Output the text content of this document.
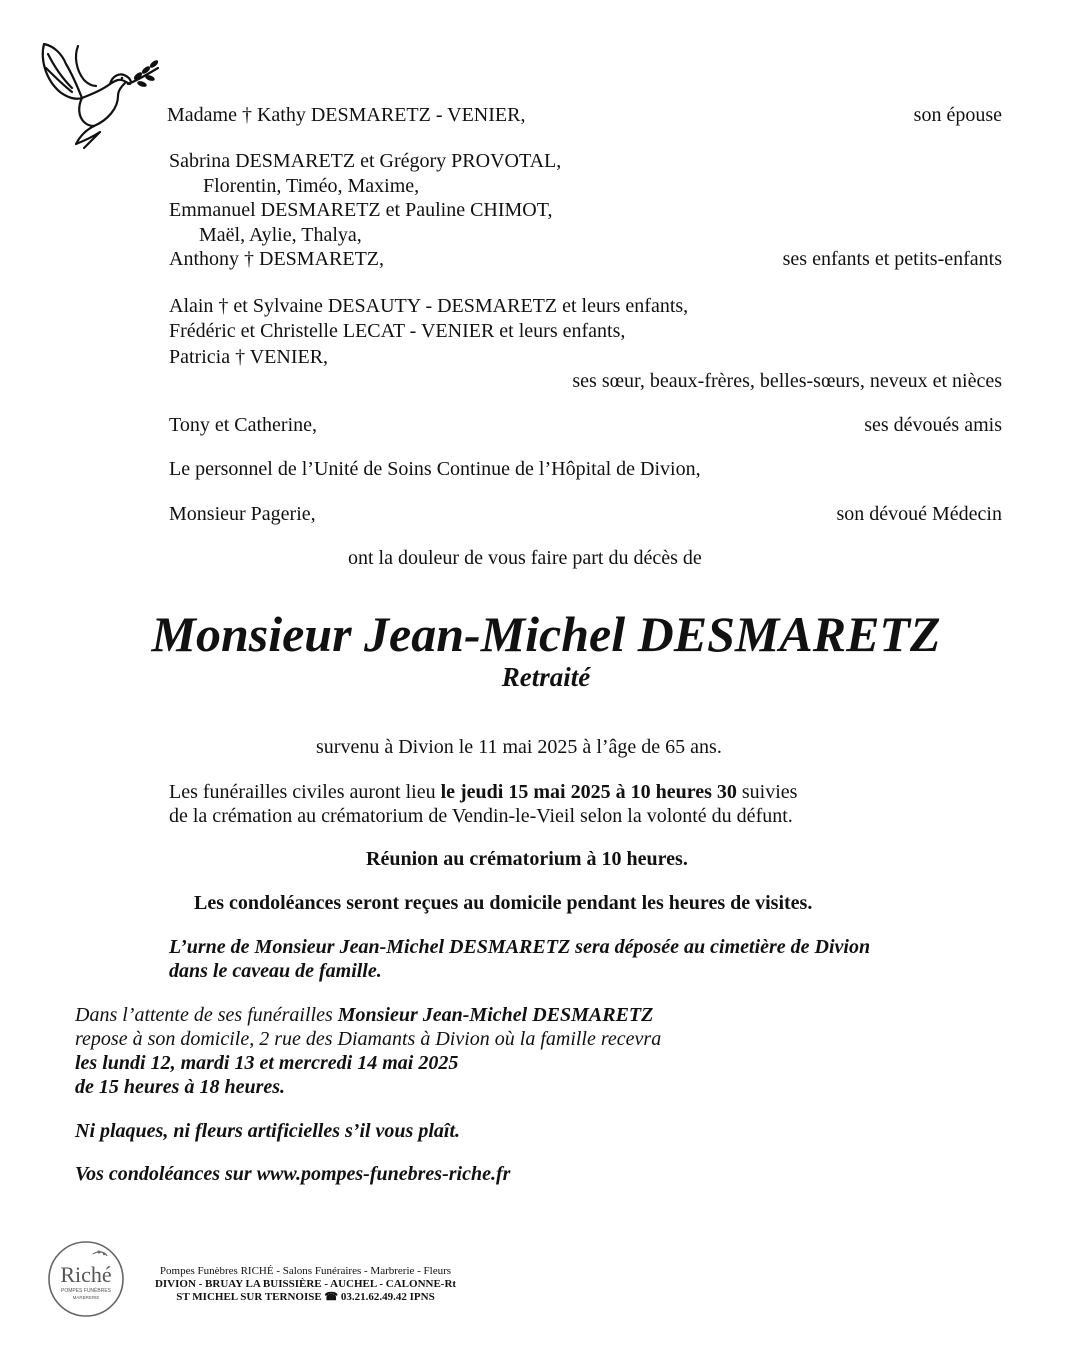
Madame † Kathy DESMARETZ - VENIER,	son épouse
Sabrina DESMARETZ et Grégory PROVOTAL,
Florentin, Timéo, Maxime,
Emmanuel DESMARETZ et Pauline CHIMOT,
Maël, Aylie, Thalya,
Anthony † DESMARETZ,	ses enfants et petits-enfants
Alain † et Sylvaine DESAUTY - DESMARETZ et leurs enfants,
Frédéric et Christelle LECAT - VENIER et leurs enfants,
Patricia † VENIER,
ses sœur, beaux-frères, belles-sœurs, neveux et nièces
Tony et Catherine,	ses dévoués amis
Le personnel de l’Unité de Soins Continue de l’Hôpital de Divion,
Monsieur Pagerie,	son dévoué Médecin
ont la douleur de vous faire part du décès de
Monsieur Jean-Michel DESMARETZ
Retraité
survenu à Divion le 11 mai 2025 à l’âge de 65 ans.
Les funérailles civiles auront lieu le jeudi 15 mai 2025 à 10 heures 30 suivies
de la crémation au crématorium de Vendin-le-Vieil selon la volonté du défunt.
Réunion au crématorium à 10 heures.
Les condoléances seront reçues au domicile pendant les heures de visites.
L’urne de Monsieur Jean-Michel DESMARETZ sera déposée au cimetière de Divion
dans le caveau de famille.
Dans l’attente de ses funérailles Monsieur Jean-Michel DESMARETZ
repose à son domicile, 2 rue des Diamants à Divion où la famille recevra
les lundi 12, mardi 13 et mercredi 14 mai 2025
de 15 heures à 18 heures.
Ni plaques, ni fleurs artificielles s’il vous plaît.
Vos condoléances sur www.pompes-funebres-riche.fr
Riché
POMPES FUNÈBRES
MARBRERIE
Pompes Funèbres RICHÉ - Salons Funéraires - Marbrerie - Fleurs
DIVION - BRUAY LA BUISSIÈRE - AUCHEL - CALONNE-Rt
ST MICHEL SUR TERNOISE ☎ 03.21.62.49.42 IPNS
